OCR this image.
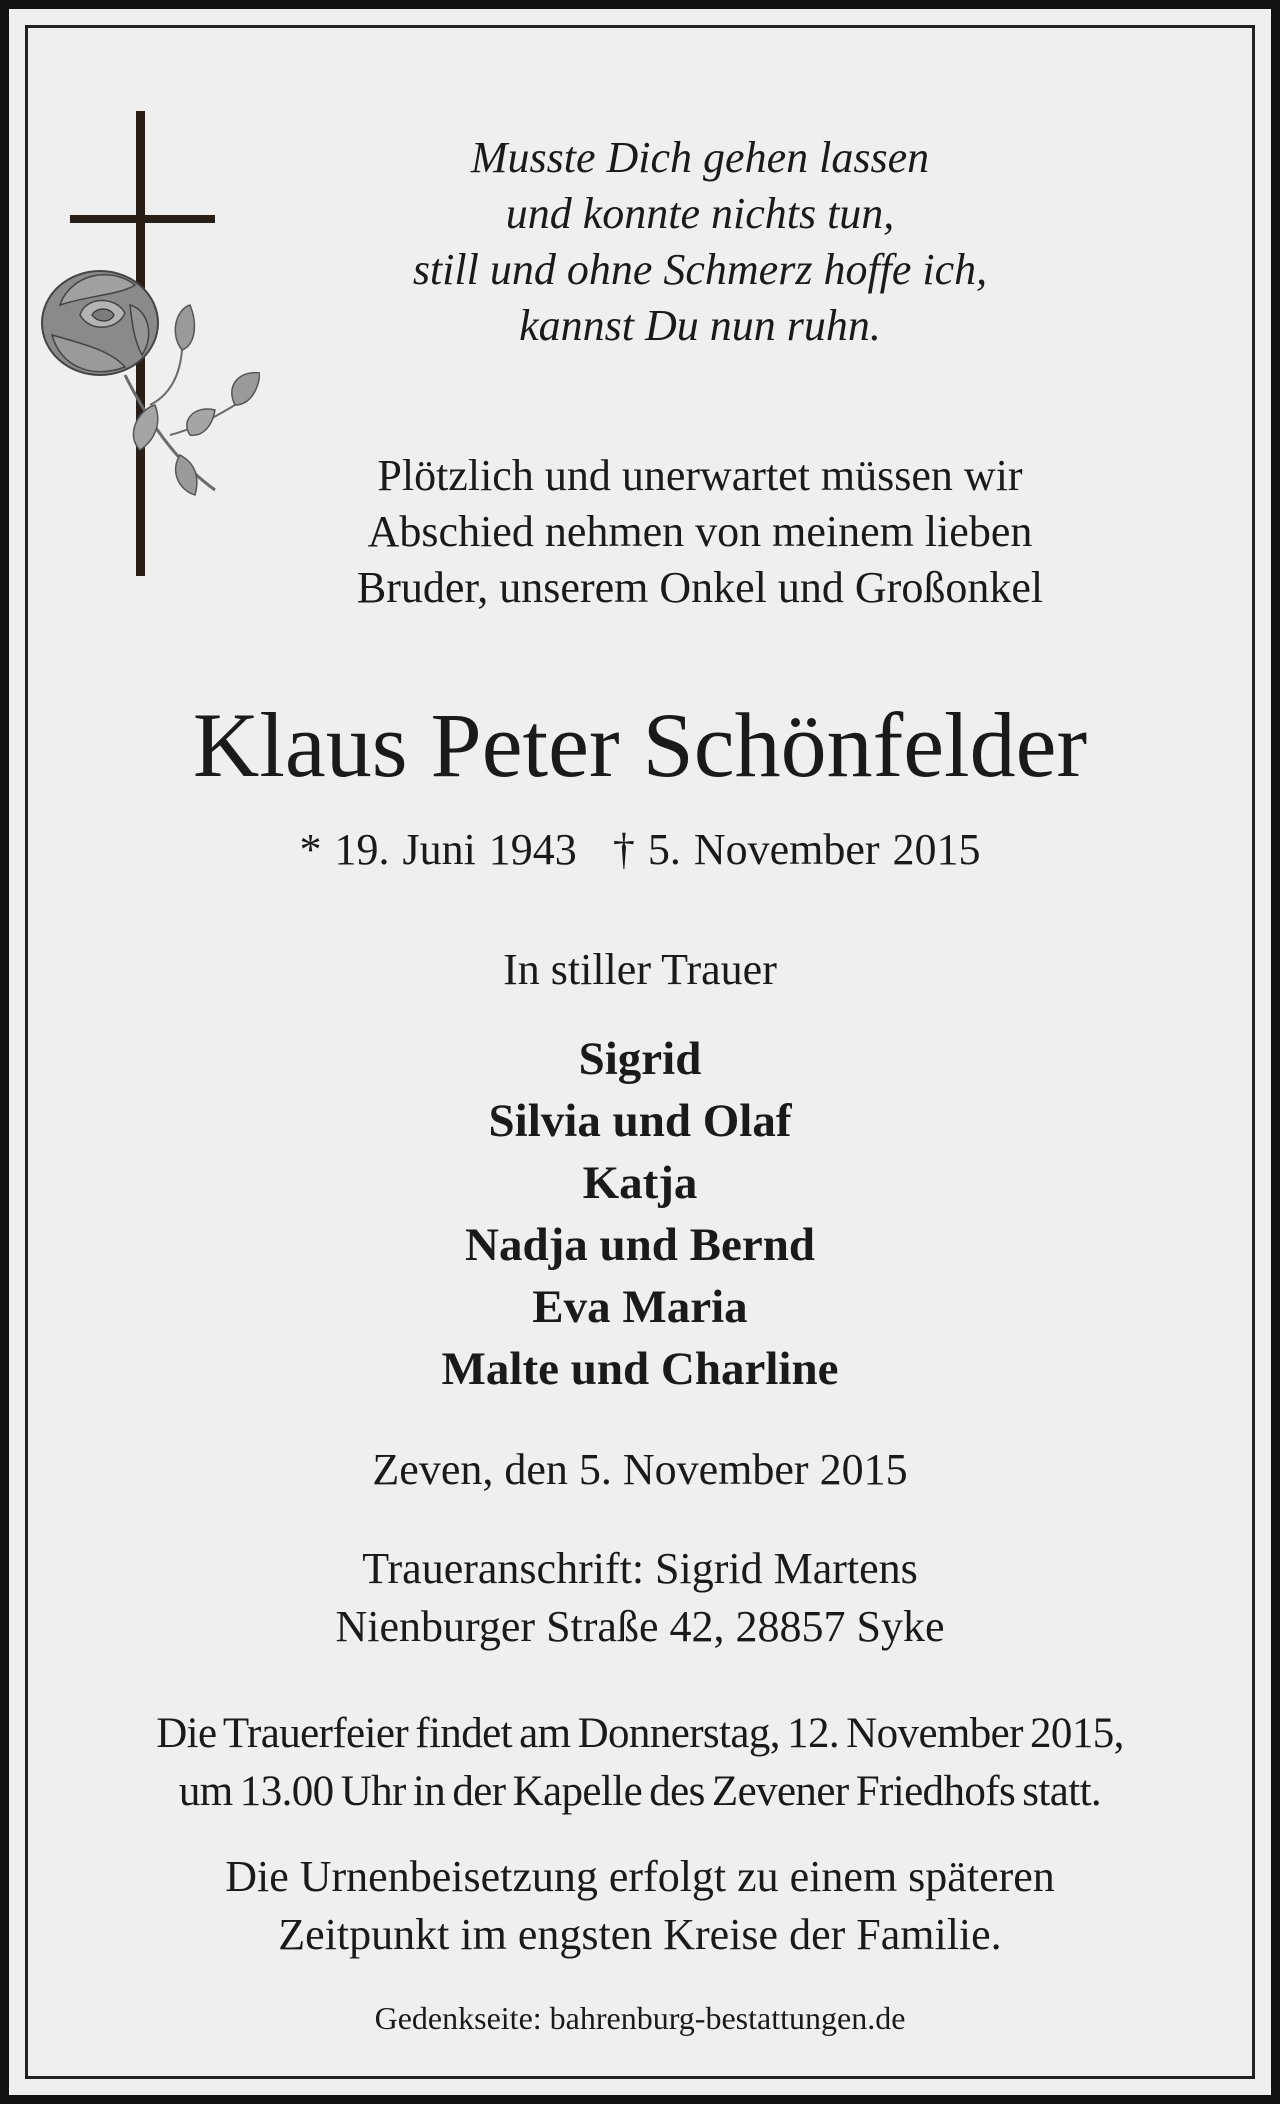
Musste Dich gehen lassen
und konnte nichts tun,
still und ohne Schmerz hoffe ich,
kannst Du nun ruhn.
Plötzlich und unerwartet müssen wir
Abschied nehmen von meinem lieben
Bruder, unserem Onkel und Großonkel
Klaus Peter Schönfelder
* 19. Juni 1943 † 5. November 2015
In stiller Trauer
Sigrid
Silvia und Olaf
Katja
Nadja und Bernd
Eva Maria
Malte und Charline
Zeven, den 5. November 2015
Traueranschrift: Sigrid Martens
Nienburger Straße 42, 28857 Syke
Die Trauerfeier findet am Donnerstag, 12. November 2015,
um 13.00 Uhr in der Kapelle des Zevener Friedhofs statt.
Die Urnenbeisetzung erfolgt zu einem späteren
Zeitpunkt im engsten Kreise der Familie.
Gedenkseite: bahrenburg-bestattungen.de
